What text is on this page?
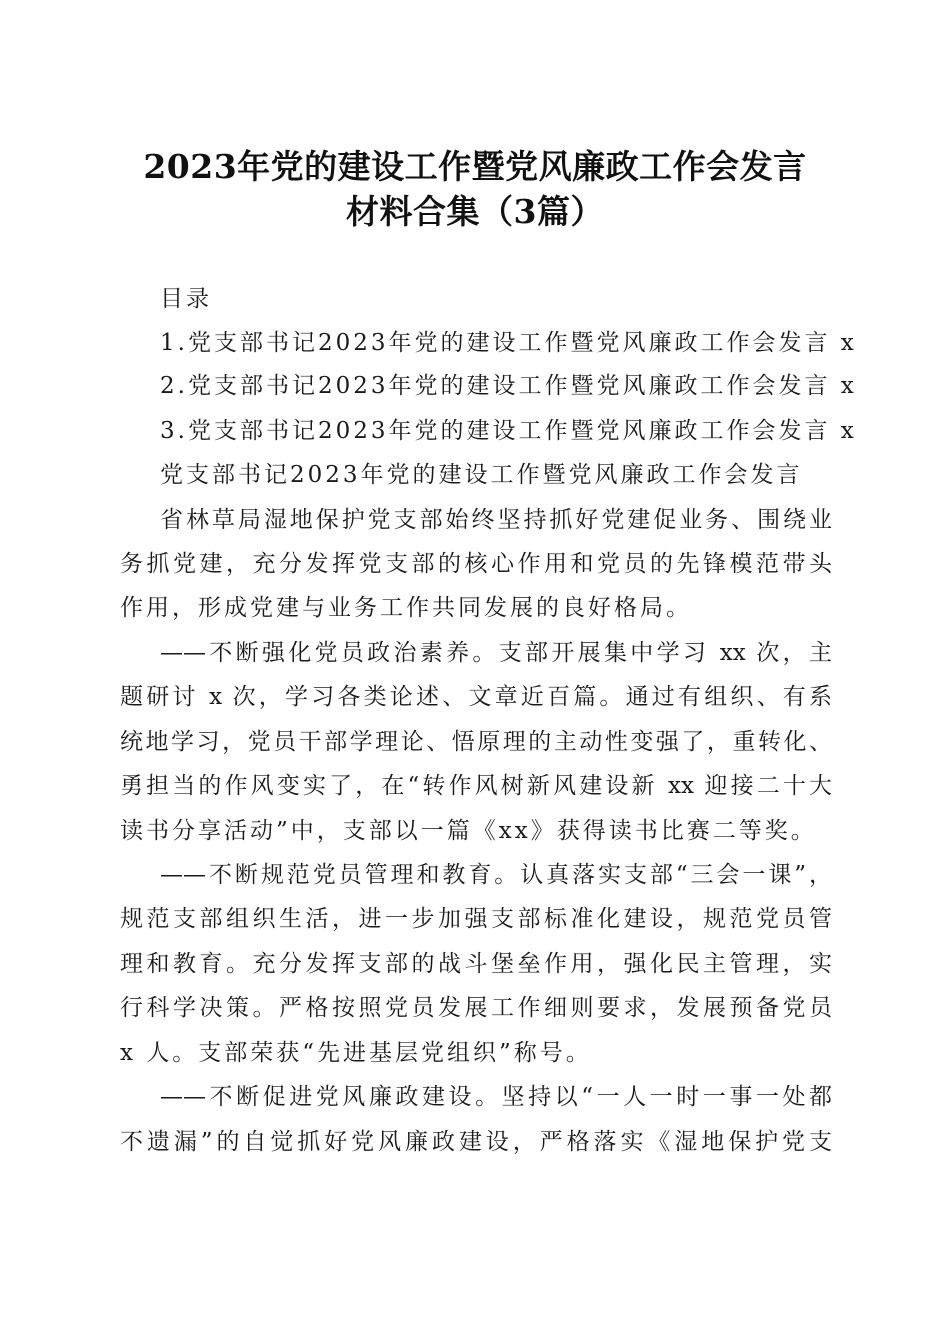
2023年党的建设工作暨党风廉政工作会发言
材料合集（3篇）
目录
1.党支部书记2023年党的建设工作暨党风廉政工作会发言 x
2.党支部书记2023年党的建设工作暨党风廉政工作会发言 x
3.党支部书记2023年党的建设工作暨党风廉政工作会发言 x
党支部书记2023年党的建设工作暨党风廉政工作会发言
省林草局湿地保护党支部始终坚持抓好党建促业务、围绕业
务抓党建，充分发挥党支部的核心作用和党员的先锋模范带头
作用，形成党建与业务工作共同发展的良好格局。
——不断强化党员政治素养。支部开展集中学习 xx 次，主
题研讨 x 次，学习各类论述、文章近百篇。通过有组织、有系
统地学习，党员干部学理论、悟原理的主动性变强了，重转化、
勇担当的作风变实了，在“转作风树新风建设新 xx 迎接二十大
读书分享活动”中，支部以一篇《xx》获得读书比赛二等奖。
——不断规范党员管理和教育。认真落实支部“三会一课”，
规范支部组织生活，进一步加强支部标准化建设，规范党员管
理和教育。充分发挥支部的战斗堡垒作用，强化民主管理，实
行科学决策。严格按照党员发展工作细则要求，发展预备党员
x 人。支部荣获“先进基层党组织”称号。
——不断促进党风廉政建设。坚持以“一人一时一事一处都
不遗漏”的自觉抓好党风廉政建设，严格落实《湿地保护党支
